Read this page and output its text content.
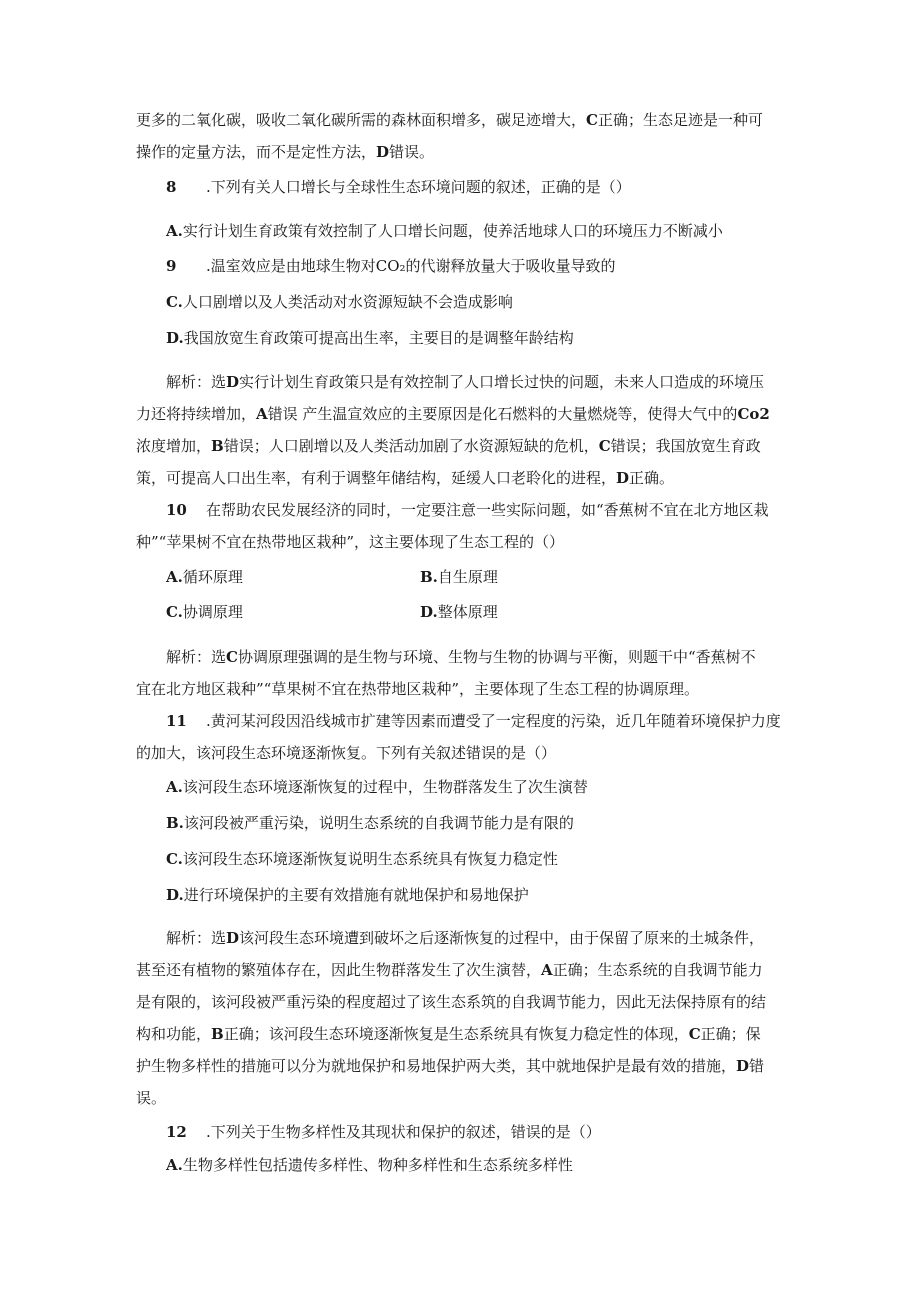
更多的二氧化碳，吸收二氧化碳所需的森林面积增多，碳足迹增大，C正确；生态足迹是一种可
操作的定量方法，而不是定性方法，D错误。
8 .下列有关人口增长与全球性生态环境问题的叙述，正确的是（）
A.实行计划生育政策有效控制了人口增长问题，使养活地球人口的环境压力不断减小
9 .温室效应是由地球生物对CO₂的代谢释放量大于吸收量导致的
C.人口剧增以及人类活动对水资源短缺不会造成影响
D.我国放宽生育政策可提高出生率，主要目的是调整年龄结构
解析：选D实行计划生育政策只是有效控制了人口增长过快的问题，未来人口造成的环境压
力还将持续增加，A错误 产生温宣效应的主要原因是化石燃料的大量燃烧等，使得大气中的Co2
浓度增加，B错误；人口剧增以及人类活动加剧了水资源短缺的危机，C错误；我国放宽生育政
策，可提高人口出生率，有利于调整年储结构，延缓人口老聆化的进程，D正确。
10 在帮助农民发展经济的同时，一定要注意一些实际问题，如“香蕉树不宜在北方地区栽
种”“苹果树不宜在热带地区栽种”，这主要体现了生态工程的（）
A.循环原理	B.自生原理
C.协调原理	D.整体原理
解析：选C协调原理强调的是生物与环境、生物与生物的协调与平衡，则题干中“香蕉树不
宜在北方地区栽种”“草果树不宜在热带地区栽种”，主要体现了生态工程的协调原理。
11 .黄河某河段因沿线城市扩建等因素而遭受了一定程度的污染，近几年随着环境保护力度
的加大，该河段生态环境逐渐恢复。下列有关叙述错误的是（）
A.该河段生态环境逐渐恢复的过程中，生物群落发生了次生演替
B.该河段被严重污染，说明生态系统的自我调节能力是有限的
C.该河段生态环境逐渐恢复说明生态系统具有恢复力稳定性
D.进行环境保护的主要有效措施有就地保护和易地保护
解析：选D该河段生态环境遭到破坏之后逐渐恢复的过程中，由于保留了原来的土城条件，
甚至还有植物的繁殖体存在，因此生物群落发生了次生演替，A正确；生态系统的自我调节能力
是有限的，该河段被严重污染的程度超过了该生态系筑的自我调节能力，因此无法保持原有的结
构和功能，B正确；该河段生态环境逐渐恢复是生态系统具有恢复力稳定性的体现，C正确；保
护生物多样性的措施可以分为就地保护和易地保护两大类，其中就地保护是最有效的措施，D错
误。
12 .下列关于生物多样性及其现状和保护的叙述，错误的是（）
A.生物多样性包括遗传多样性、物种多样性和生态系统多样性
